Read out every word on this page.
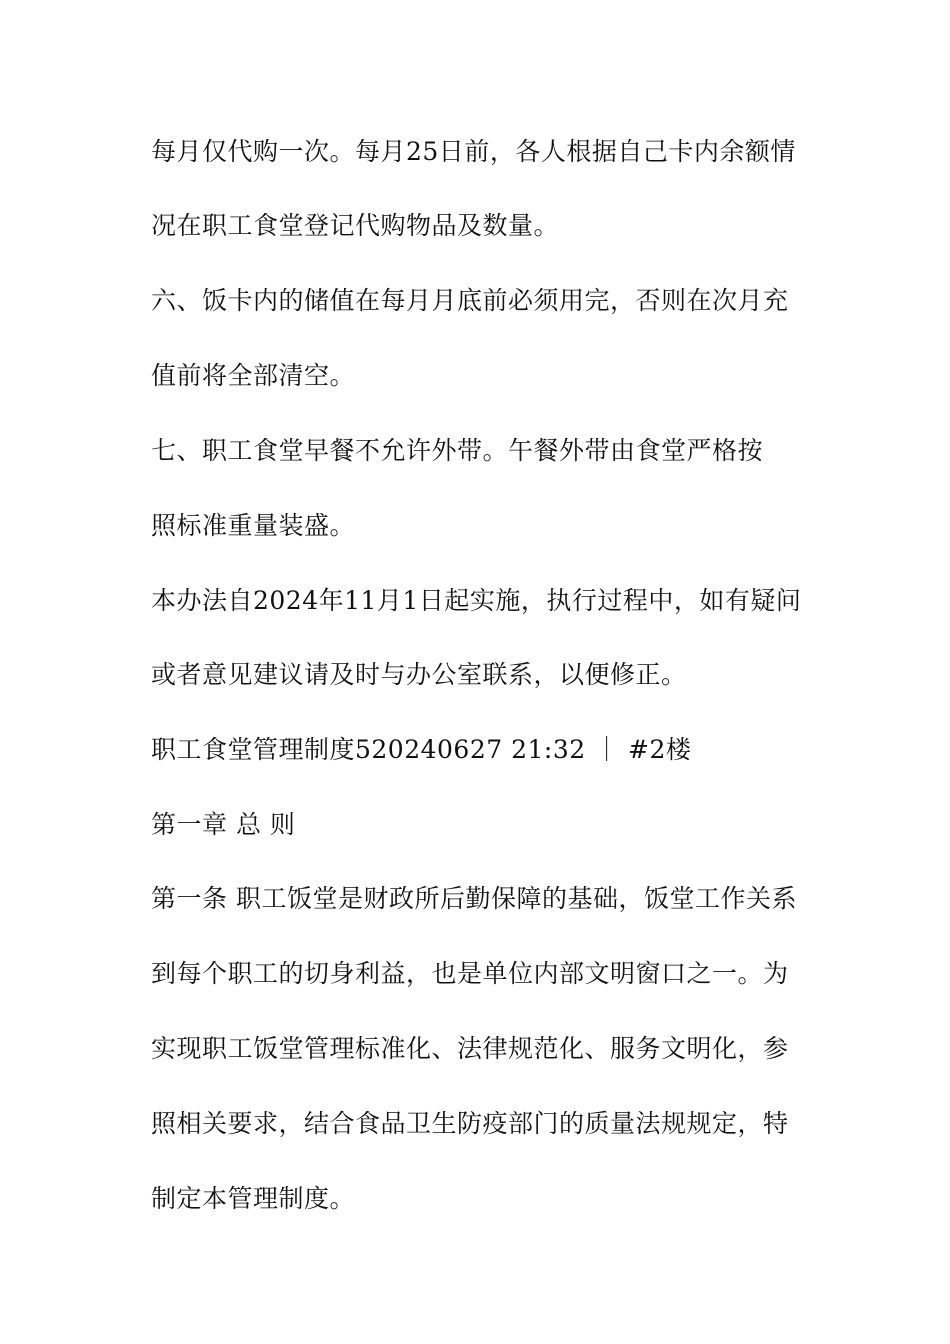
每月仅代购一次。每月25日前，各人根据自己卡内余额情
况在职工食堂登记代购物品及数量。
六、饭卡内的储值在每月月底前必须用完，否则在次月充
值前将全部清空。
七、职工食堂早餐不允许外带。午餐外带由食堂严格按
照标准重量装盛。
本办法自2024年11月1日起实施，执行过程中，如有疑问
或者意见建议请及时与办公室联系，以便修正。
职工食堂管理制度520240627 21:32 ｜ #2楼
第一章 总 则
第一条 职工饭堂是财政所后勤保障的基础，饭堂工作关系
到每个职工的切身利益，也是单位内部文明窗口之一。为
实现职工饭堂管理标准化、法律规范化、服务文明化，参
照相关要求，结合食品卫生防疫部门的质量法规规定，特
制定本管理制度。
